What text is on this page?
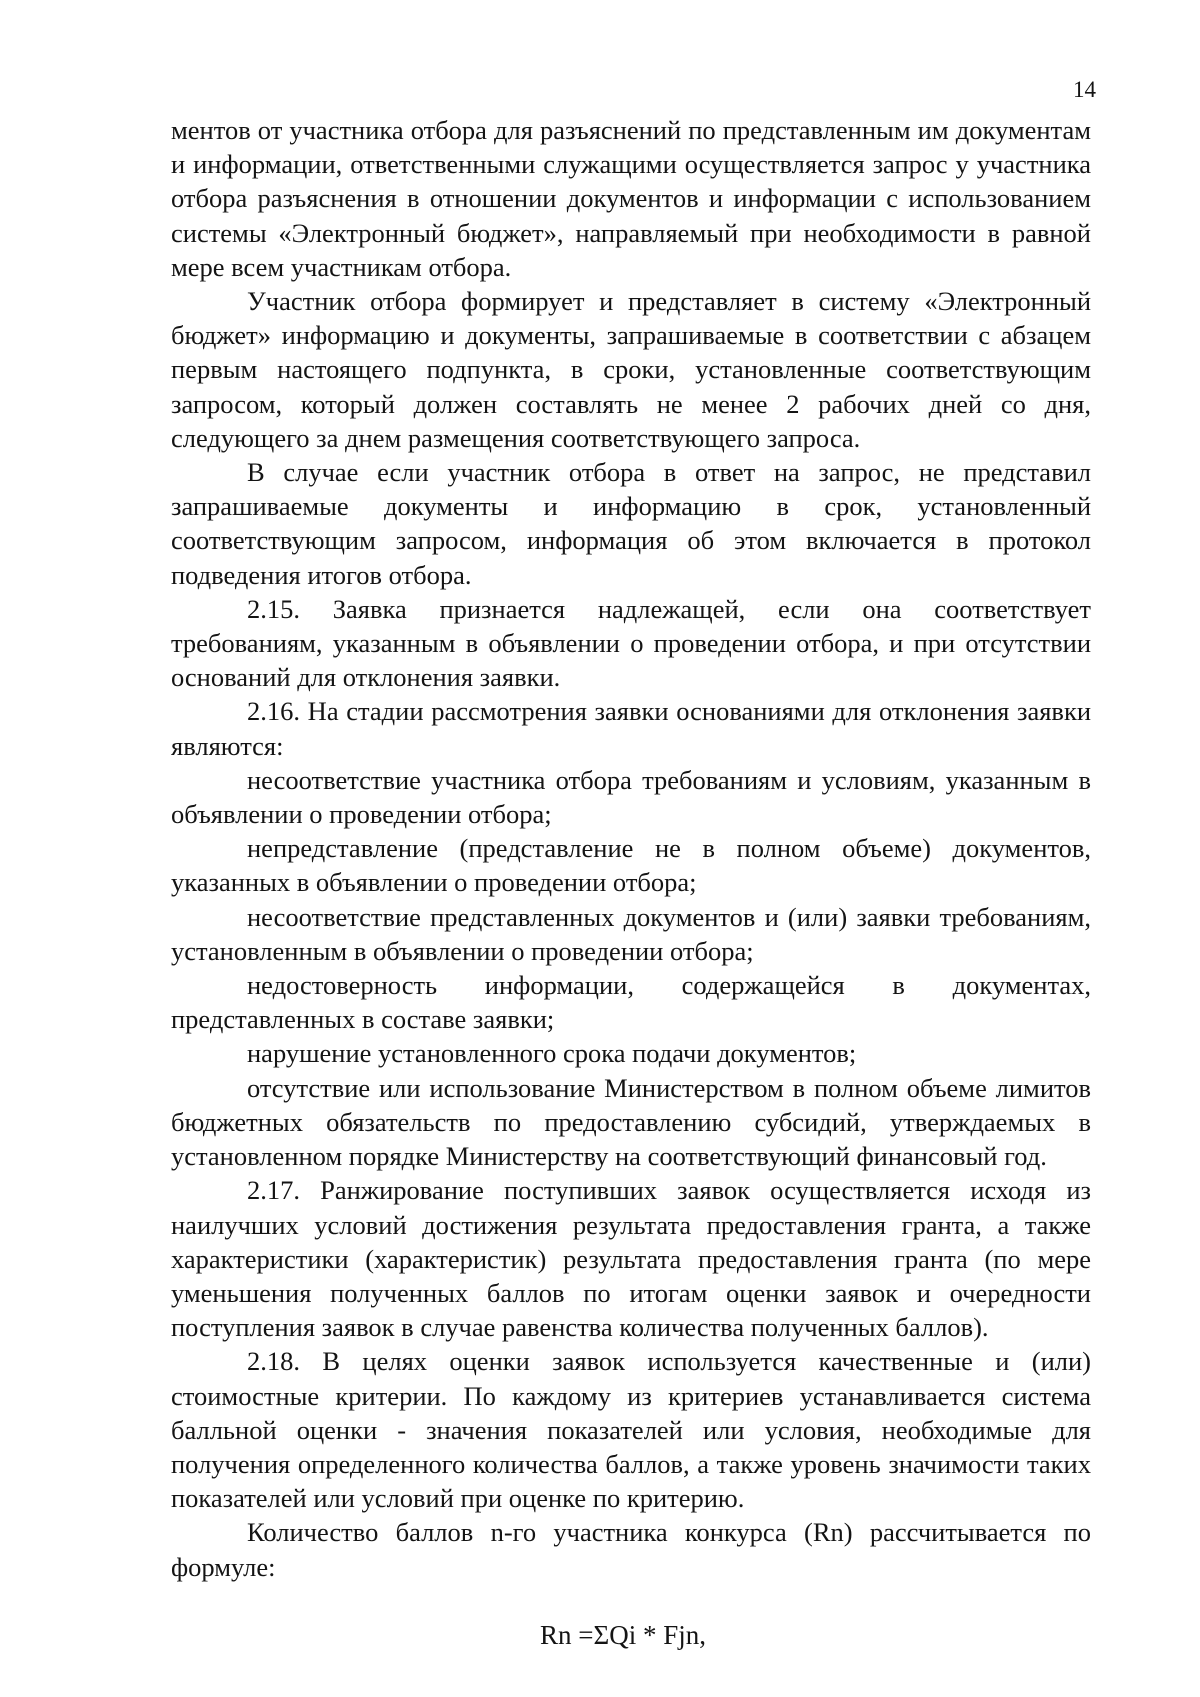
14

ментов от участника отбора для разъяснений по представленным им документам и информации, ответственными служащими осуществляется запрос у участника отбора разъяснения в отношении документов и информации с использованием системы «Электронный бюджет», направляемый при необходимости в равной мере всем участникам отбора.

Участник отбора формирует и представляет в систему «Электронный бюджет» информацию и документы, запрашиваемые в соответствии с абзацем первым настоящего подпункта, в сроки, установленные соответствующим запросом, который должен составлять не менее 2 рабочих дней со дня, следующего за днем размещения соответствующего запроса.

В случае если участник отбора в ответ на запрос, не представил запрашиваемые документы и информацию в срок, установленный соответствующим запросом, информация об этом включается в протокол подведения итогов отбора.

2.15. Заявка признается надлежащей, если она соответствует требованиям, указанным в объявлении о проведении отбора, и при отсутствии оснований для отклонения заявки.

2.16. На стадии рассмотрения заявки основаниями для отклонения заявки являются:

несоответствие участника отбора требованиям и условиям, указанным в объявлении о проведении отбора;

непредставление (представление не в полном объеме) документов, указанных в объявлении о проведении отбора;

несоответствие представленных документов и (или) заявки требованиям, установленным в объявлении о проведении отбора;

недостоверность информации, содержащейся в документах, представленных в составе заявки;

нарушение установленного срока подачи документов;

отсутствие или использование Министерством в полном объеме лимитов бюджетных обязательств по предоставлению субсидий, утверждаемых в установленном порядке Министерству на соответствующий финансовый год.

2.17. Ранжирование поступивших заявок осуществляется исходя из наилучших условий достижения результата предоставления гранта, а также характеристики (характеристик) результата предоставления гранта (по мере уменьшения полученных баллов по итогам оценки заявок и очередности поступления заявок в случае равенства количества полученных баллов).

2.18. В целях оценки заявок используется качественные и (или) стоимостные критерии. По каждому из критериев устанавливается система балльной оценки - значения показателей или условия, необходимые для получения определенного количества баллов, а также уровень значимости таких показателей или условий при оценке по критерию.

Количество баллов n-го участника конкурса (Rn) рассчитывается по формуле:

Rn =ΣQi * Fjn,
